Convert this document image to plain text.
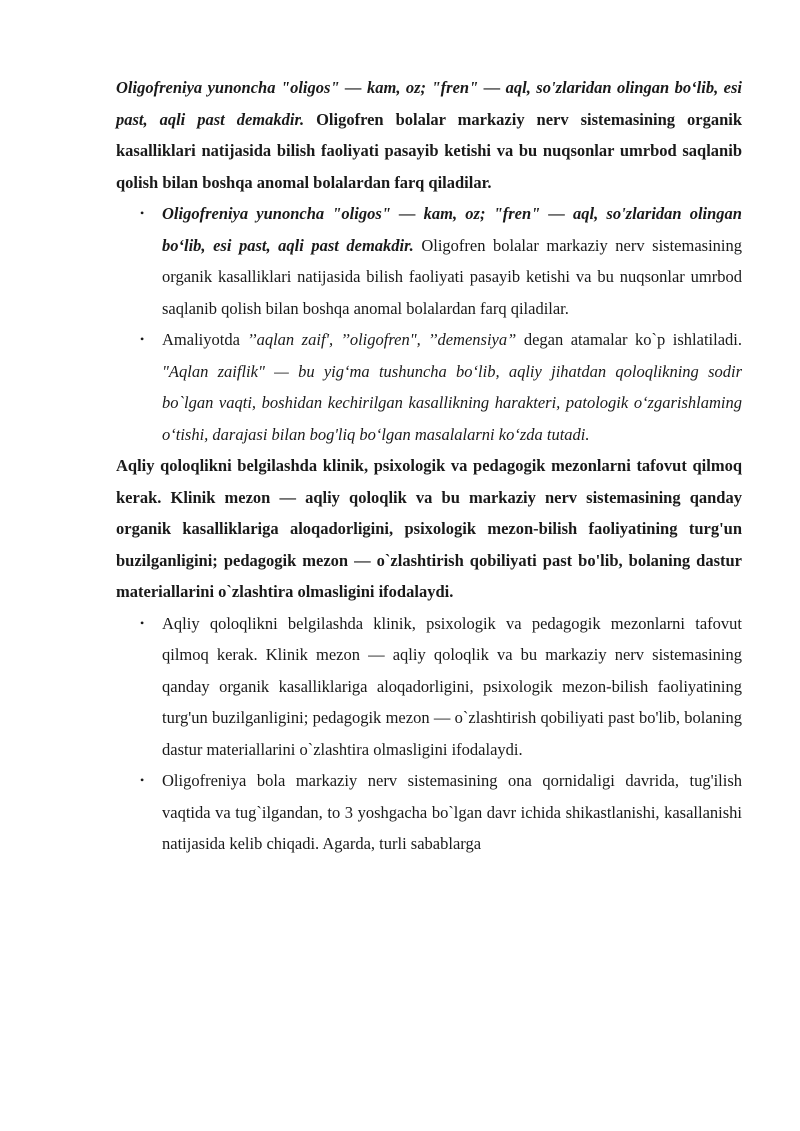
Oligofreniya yunoncha "oligos" — kam, oz; "fren" — aql, so'zlaridan olingan boʻlib, esi past, aqli past demakdir. Oligofren bolalar markaziy nerv sistemasining organik kasalliklari natijasida bilish faoliyati pasayib ketishi va bu nuqsonlar umrbod saqlanib qolish bilan boshqa anomal bolalardan farq qiladilar.

• Oligofreniya yunoncha "oligos" — kam, oz; "fren" — aql, so'zlaridan olingan boʻlib, esi past, aqli past demakdir. Oligofren bolalar markaziy nerv sistemasining organik kasalliklari natijasida bilish faoliyati pasayib ketishi va bu nuqsonlar umrbod saqlanib qolish bilan boshqa anomal bolalardan farq qiladilar.
• Amaliyotda ’’aqlan zaif', ’’oligofren", ’’demensiya” degan atamalar ko`p ishlatiladi. "Aqlan zaiflik" — bu yigʻma tushuncha boʻlib, aqliy jihatdan qoloqlikning sodir bo`lgan vaqti, boshidan kechirilgan kasallikning harakteri, patologik oʻzgarishlaming oʻtishi, darajasi bilan bog'liq boʻlgan masalalarni koʻzda tutadi.

Aqliy qoloqlikni belgilashda klinik, psixologik va pedagogik mezonlarni tafovut qilmoq kerak. Klinik mezon — aqliy qoloqlik va bu markaziy nerv sistemasining qanday organik kasalliklariga aloqadorligini, psixologik mezon-bilish faoliyatining turg'un buzilganligini; pedagogik mezon — o`zlashtirish qobiliyati past bo'lib, bolaning dastur materiallarini o`zlashtira olmasligini ifodalaydi.

• Aqliy qoloqlikni belgilashda klinik, psixologik va pedagogik mezonlarni tafovut qilmoq kerak. Klinik mezon — aqliy qoloqlik va bu markaziy nerv sistemasining qanday organik kasalliklariga aloqadorligini, psixologik mezon-bilish faoliyatining turg'un buzilganligini; pedagogik mezon — o`zlashtirish qobiliyati past bo'lib, bolaning dastur materiallarini o`zlashtira olmasligini ifodalaydi.
• Oligofreniya bola markaziy nerv sistemasining ona qornidaligi davrida, tug'ilish vaqtida va tug`ilgandan, to 3 yoshgacha bo`lgan davr ichida shikastlanishi, kasallanishi natijasida kelib chiqadi. Agarda, turli sabablarga
